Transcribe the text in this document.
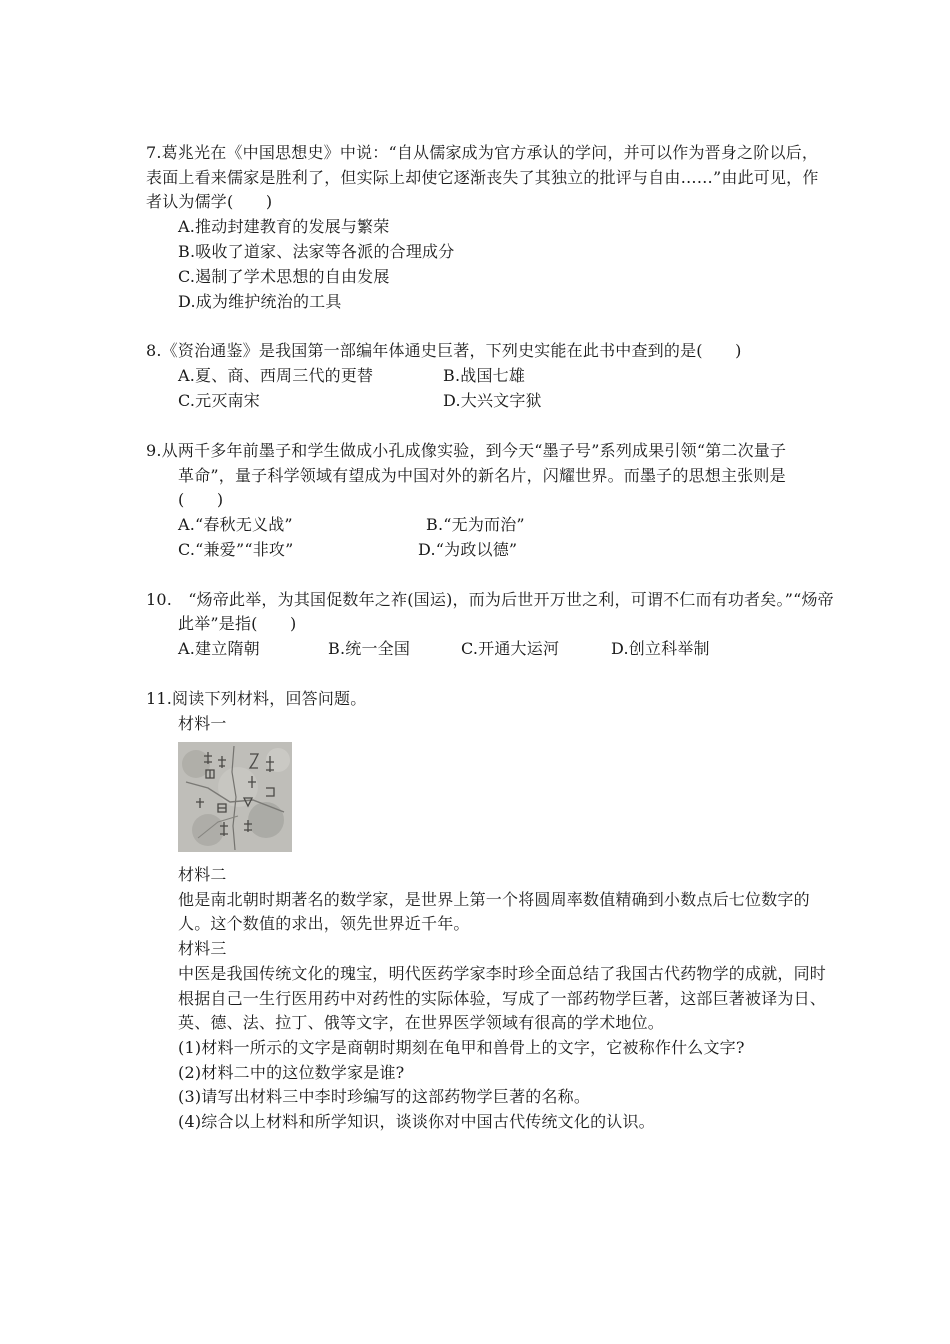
7.葛兆光在《中国思想史》中说：“自从儒家成为官方承认的学问，并可以作为晋身之阶以后，
表面上看来儒家是胜利了，但实际上却使它逐渐丧失了其独立的批评与自由……”由此可见，作
者认为儒学(　　)
A.推动封建教育的发展与繁荣
B.吸收了道家、法家等各派的合理成分
C.遏制了学术思想的自由发展
D.成为维护统治的工具
8.《资治通鉴》是我国第一部编年体通史巨著，下列史实能在此书中查到的是(　　)
A.夏、商、西周三代的更替	B.战国七雄
C.元灭南宋	D.大兴文字狱
9.从两千多年前墨子和学生做成小孔成像实验，到今天“墨子号”系列成果引领“第二次量子
革命”，量子科学领域有望成为中国对外的新名片，闪耀世界。而墨子的思想主张则是
(　　)
A.“春秋无义战”	B.“无为而治”
C.“兼爱”“非攻”	D.“为政以德”
10.　“炀帝此举，为其国促数年之祚(国运)，而为后世开万世之利，可谓不仁而有功者矣。”“炀帝
此举”是指(　　)
A.建立隋朝	B.统一全国	C.开通大运河	D.创立科举制
11.阅读下列材料，回答问题。
材料一
材料二
他是南北朝时期著名的数学家，是世界上第一个将圆周率数值精确到小数点后七位数字的
人。这个数值的求出，领先世界近千年。
材料三
中医是我国传统文化的瑰宝，明代医药学家李时珍全面总结了我国古代药物学的成就，同时
根据自己一生行医用药中对药性的实际体验，写成了一部药物学巨著，这部巨著被译为日、
英、德、法、拉丁、俄等文字，在世界医学领域有很高的学术地位。
(1)材料一所示的文字是商朝时期刻在龟甲和兽骨上的文字，它被称作什么文字?
(2)材料二中的这位数学家是谁?
(3)请写出材料三中李时珍编写的这部药物学巨著的名称。
(4)综合以上材料和所学知识，谈谈你对中国古代传统文化的认识。
